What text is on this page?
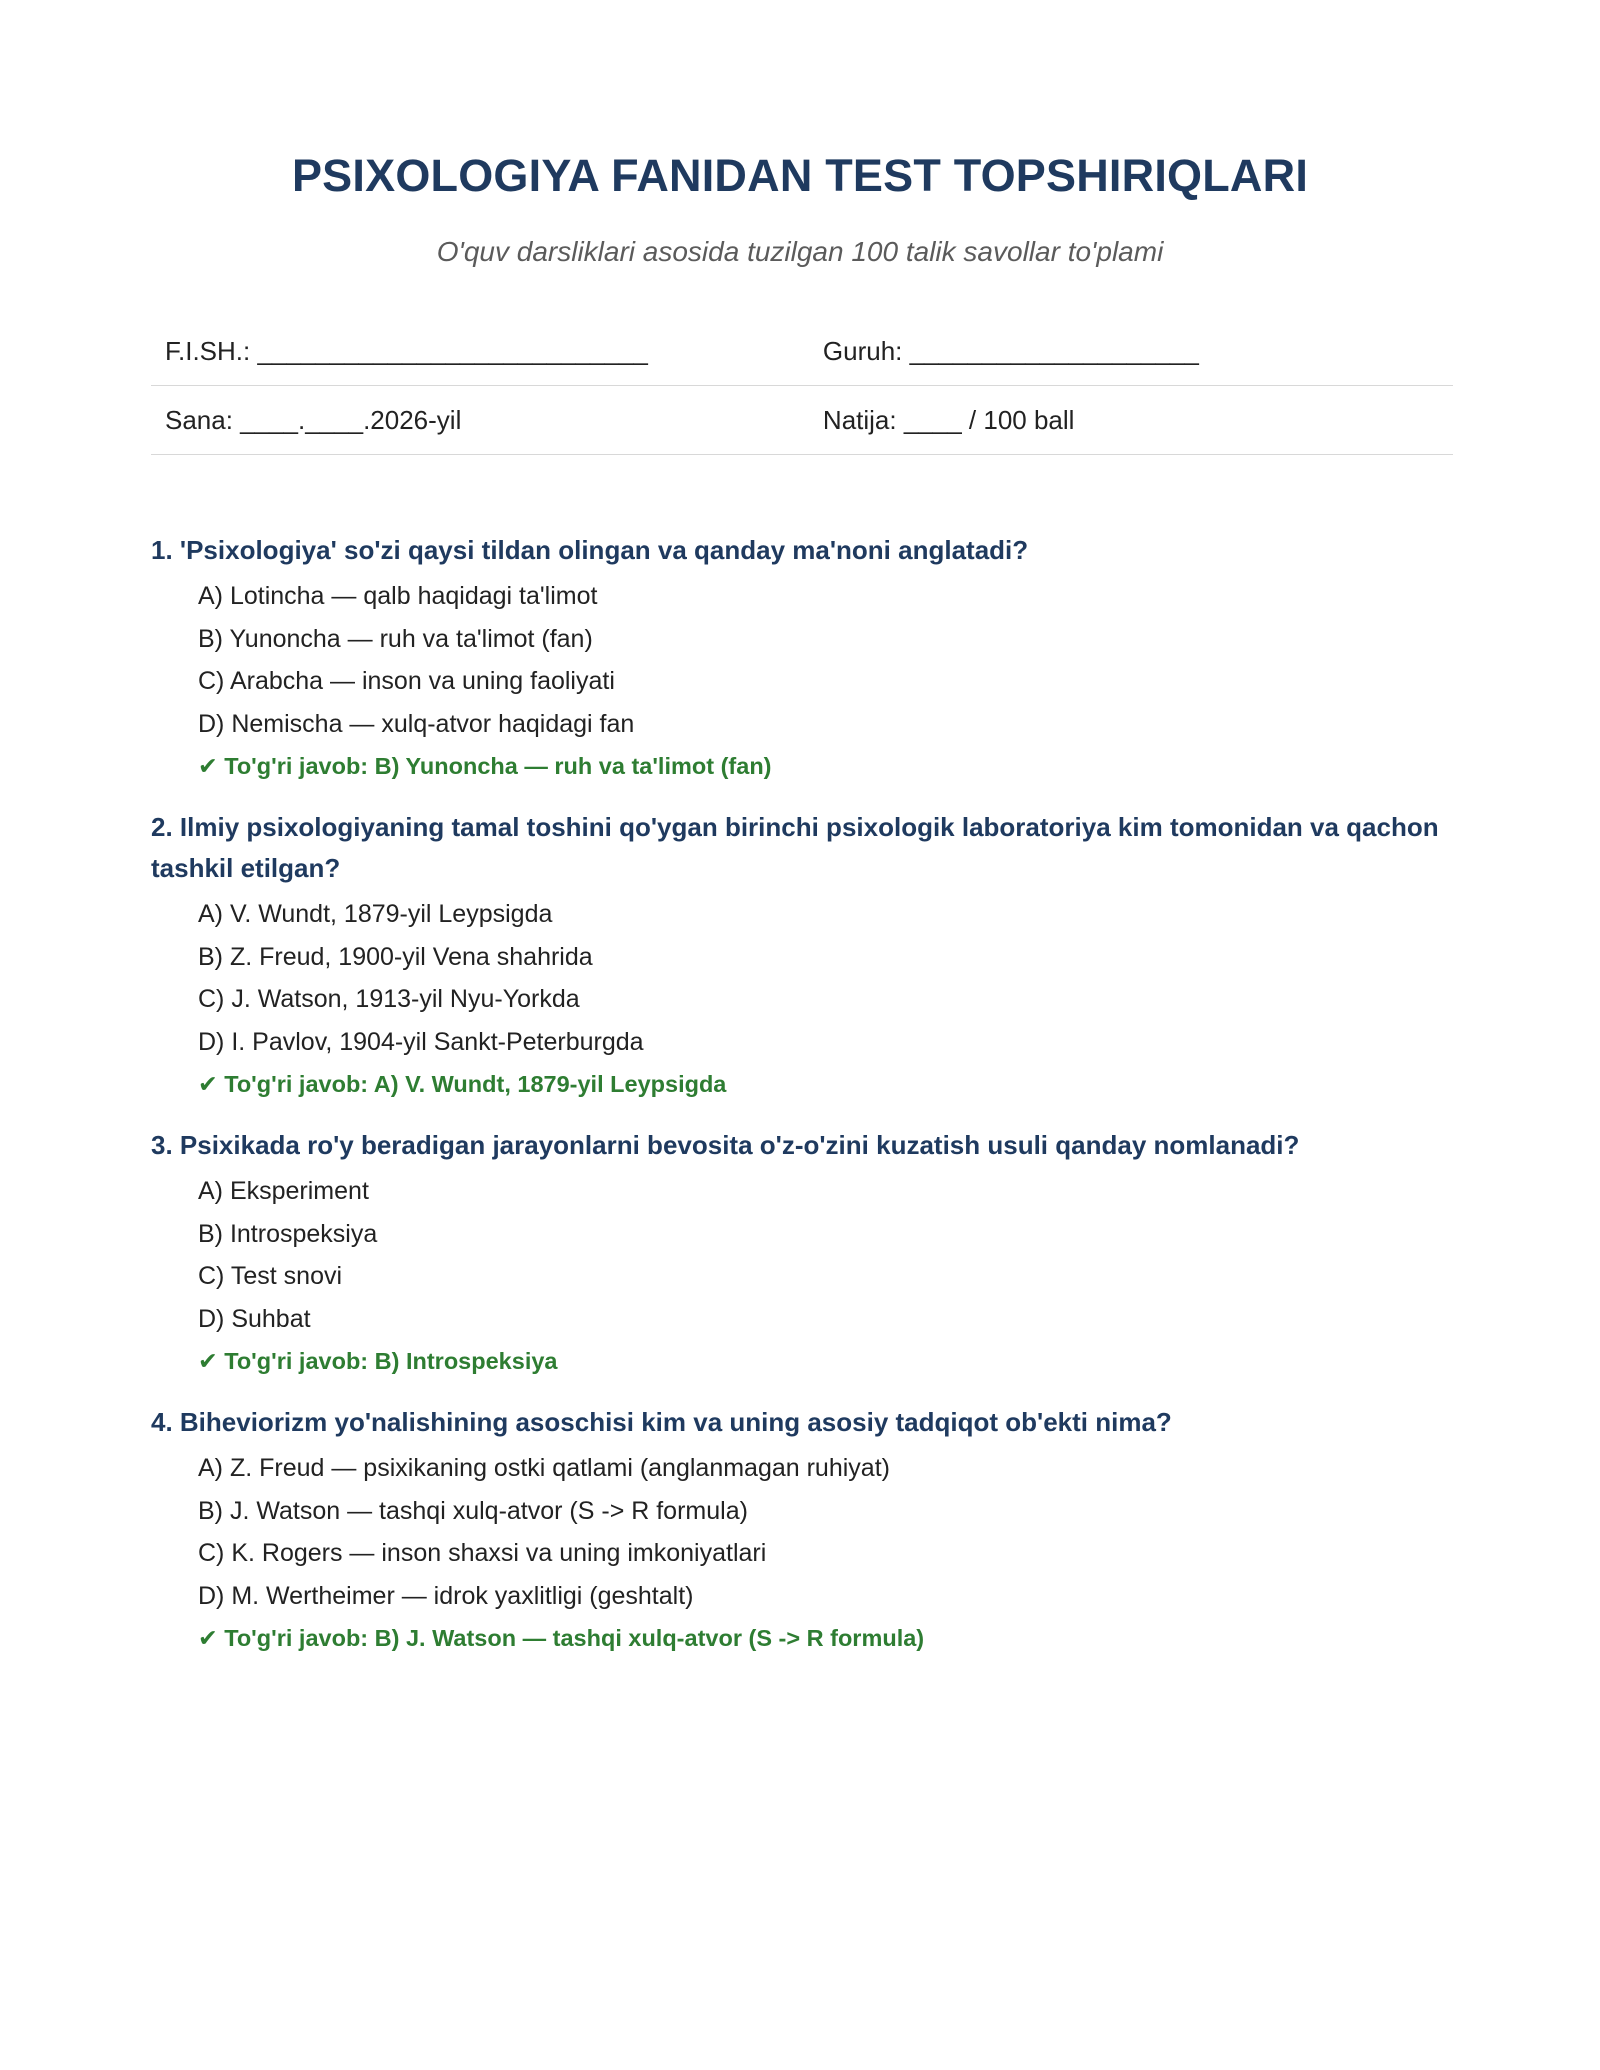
PSIXOLOGIYA FANIDAN TEST TOPSHIRIQLARI

O'quv darsliklari asosida tuzilgan 100 talik savollar to'plami

F.I.SH.: ___________________________	Guruh: ____________________
Sana: ____.____.2026-yil	Natija: ____ / 100 ball

1. 'Psixologiya' so'zi qaysi tildan olingan va qanday ma'noni anglatadi?

A) Lotincha — qalb haqidagi ta'limot
B) Yunoncha — ruh va ta'limot (fan)
C) Arabcha — inson va uning faoliyati
D) Nemischa — xulq-atvor haqidagi fan
✔ To'g'ri javob: B) Yunoncha — ruh va ta'limot (fan)

2. Ilmiy psixologiyaning tamal toshini qo'ygan birinchi psixologik laboratoriya kim tomonidan va qachon tashkil etilgan?

A) V. Wundt, 1879-yil Leypsigda
B) Z. Freud, 1900-yil Vena shahrida
C) J. Watson, 1913-yil Nyu-Yorkda
D) I. Pavlov, 1904-yil Sankt-Peterburgda
✔ To'g'ri javob: A) V. Wundt, 1879-yil Leypsigda

3. Psixikada ro'y beradigan jarayonlarni bevosita o'z-o'zini kuzatish usuli qanday nomlanadi?

A) Eksperiment
B) Introspeksiya
C) Test snovi
D) Suhbat
✔ To'g'ri javob: B) Introspeksiya

4. Biheviorizm yo'nalishining asoschisi kim va uning asosiy tadqiqot ob'ekti nima?

A) Z. Freud — psixikaning ostki qatlami (anglanmagan ruhiyat)
B) J. Watson — tashqi xulq-atvor (S -> R formula)
C) K. Rogers — inson shaxsi va uning imkoniyatlari
D) M. Wertheimer — idrok yaxlitligi (geshtalt)
✔ To'g'ri javob: B) J. Watson — tashqi xulq-atvor (S -> R formula)
